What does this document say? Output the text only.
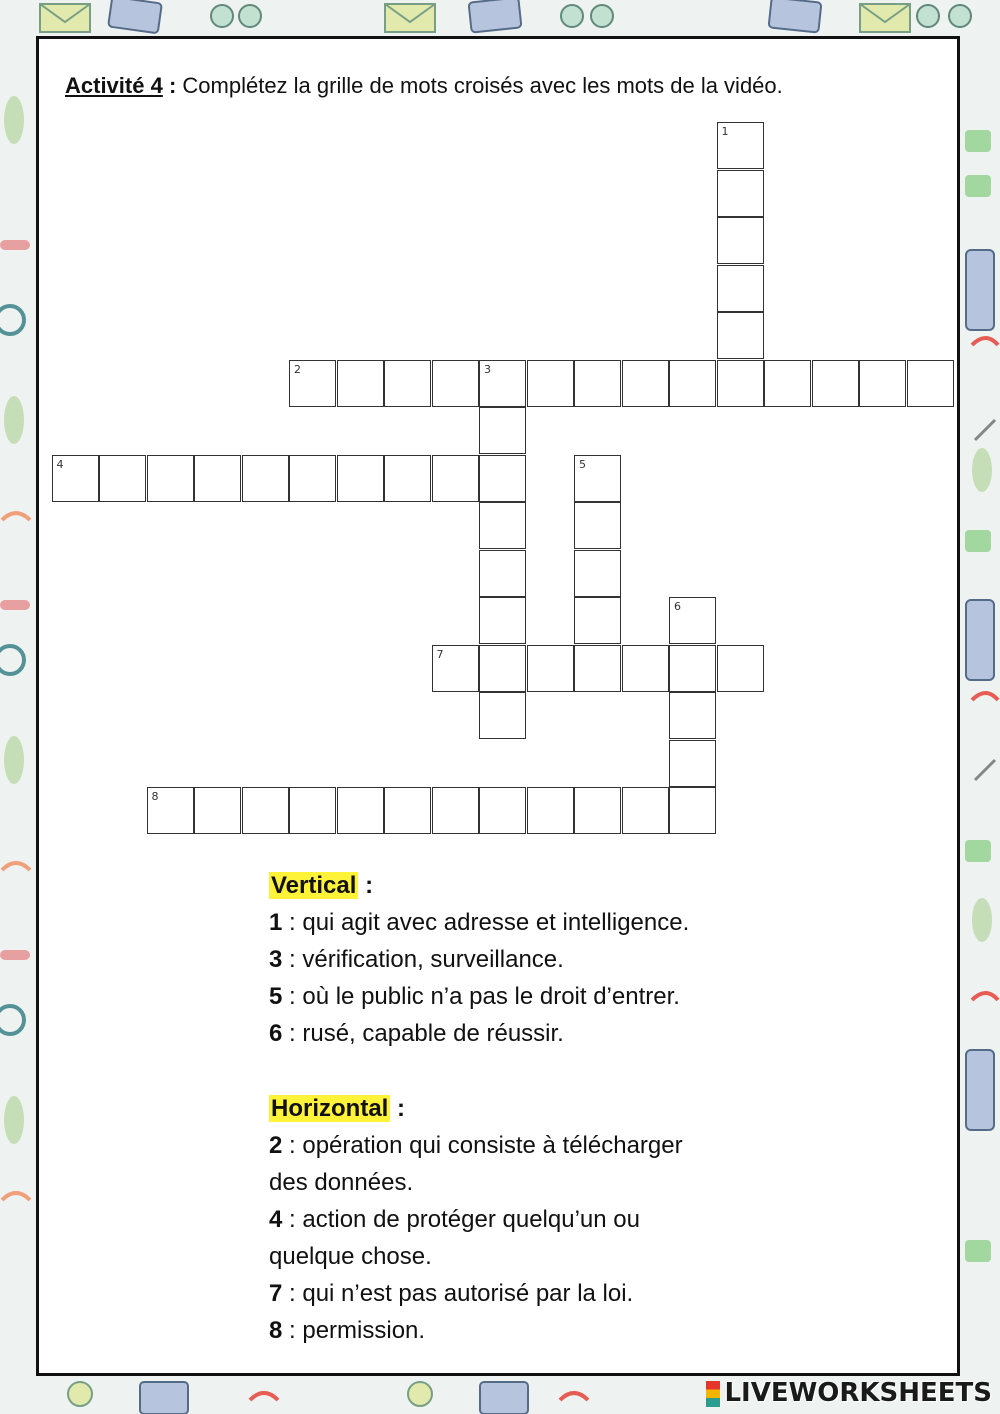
Activité 4 : Complétez la grille de mots croisés avec les mots de la vidéo.
1
2	3
4	5
6
7
8
Vertical :
1 : qui agit avec adresse et intelligence.
3 : vérification, surveillance.
5 : où le public n’a pas le droit d’entrer.
6 : rusé, capable de réussir.
Horizontal :
2 : opération qui consiste à télécharger
des données.
4 : action de protéger quelqu’un ou
quelque chose.
7 : qui n’est pas autorisé par la loi.
8 : permission.
LIVEWORKSHEETS
